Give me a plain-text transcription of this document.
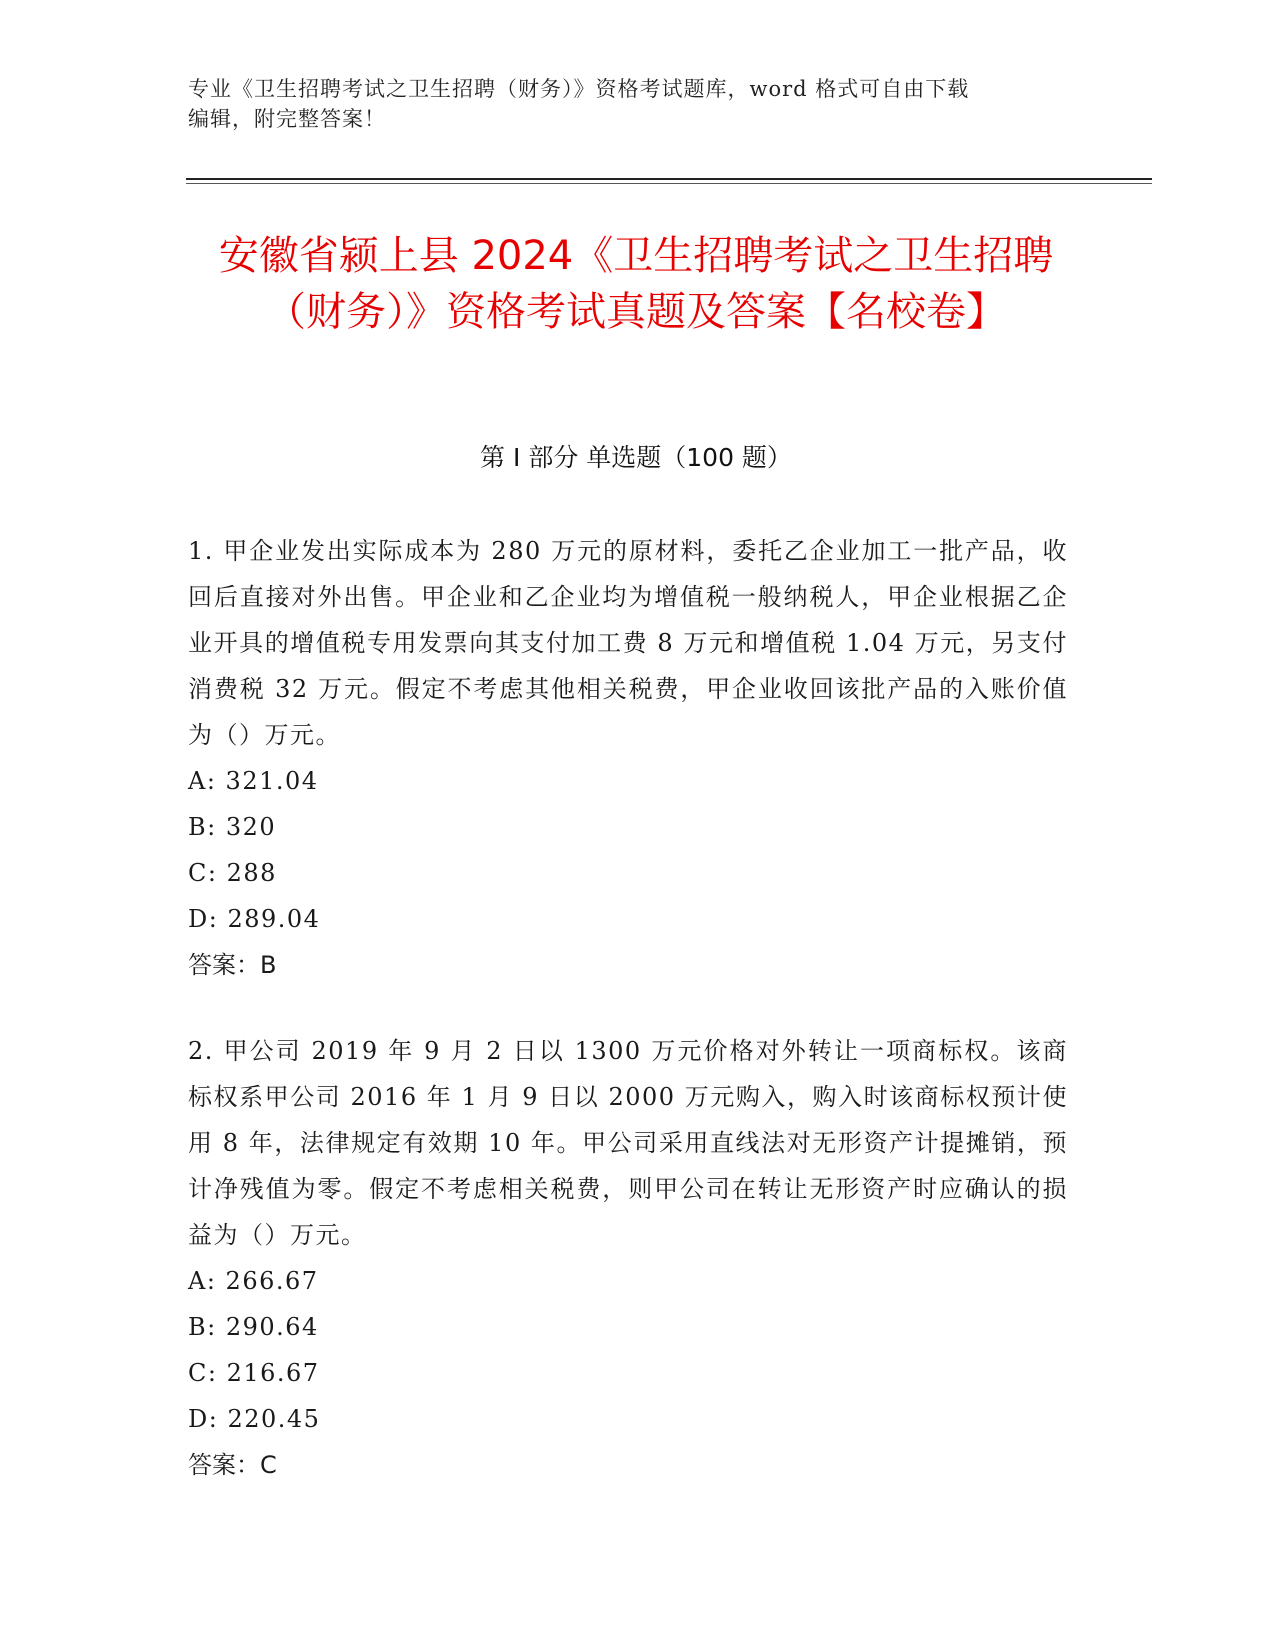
专业《卫生招聘考试之卫生招聘（财务）》资格考试题库，word 格式可自由下载
编辑，附完整答案！
安徽省颍上县 2024《卫生招聘考试之卫生招聘（财务）》资格考试真题及答案【名校卷】
第 I 部分 单选题（100 题）

1. 甲企业发出实际成本为 280 万元的原材料，委托乙企业加工一批产品，收回后直接对外出售。甲企业和乙企业均为增值税一般纳税人，甲企业根据乙企业开具的增值税专用发票向其支付加工费 8 万元和增值税 1.04 万元，另支付消费税 32 万元。假定不考虑其他相关税费，甲企业收回该批产品的入账价值为（）万元。

A: 321.04

B: 320

C: 288

D: 289.04

答案：B

2. 甲公司 2019 年 9 月 2 日以 1300 万元价格对外转让一项商标权。该商标权系甲公司 2016 年 1 月 9 日以 2000 万元购入，购入时该商标权预计使用 8 年，法律规定有效期 10 年。甲公司采用直线法对无形资产计提摊销，预计净残值为零。假定不考虑相关税费，则甲公司在转让无形资产时应确认的损益为（）万元。

A: 266.67

B: 290.64

C: 216.67

D: 220.45

答案：C
